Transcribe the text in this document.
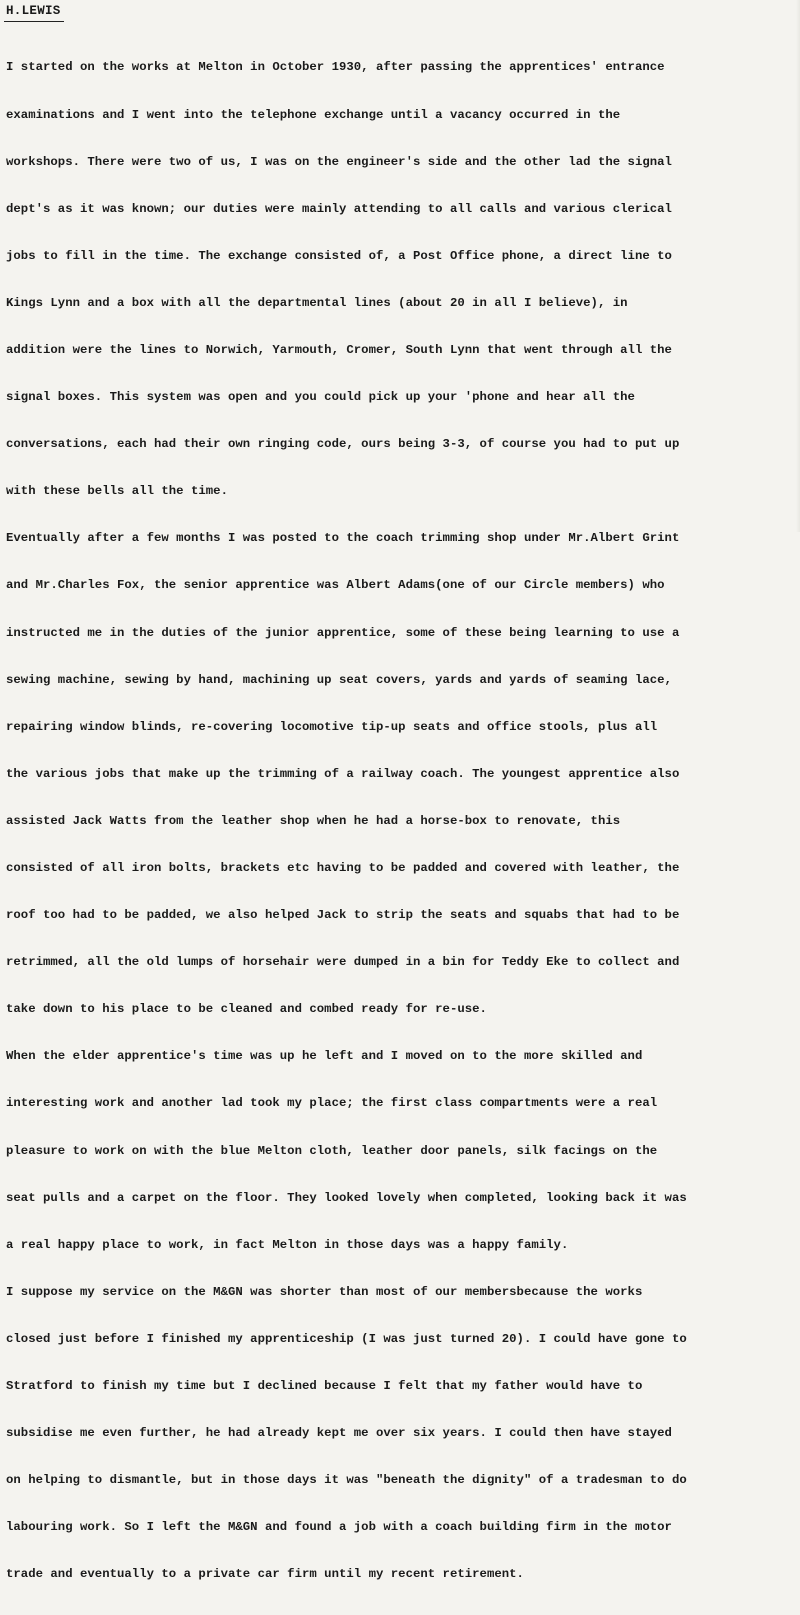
H.LEWIS

I started on the works at Melton in October 1930, after passing the apprentices' entrance

examinations and I went into the telephone exchange until a vacancy occurred in the

workshops. There were two of us, I was on the engineer's side and the other lad the signal

dept's as it was known; our duties were mainly attending to all calls and various clerical

jobs to fill in the time. The exchange consisted of, a Post Office phone, a direct line to

Kings Lynn and a box with all the departmental lines (about 20 in all I believe), in

addition were the lines to Norwich, Yarmouth, Cromer, South Lynn that went through all the

signal boxes. This system was open and you could pick up your 'phone and hear all the

conversations, each had their own ringing code, ours being 3-3, of course you had to put up

with these bells all the time.

Eventually after a few months I was posted to the coach trimming shop under Mr.Albert Grint

and Mr.Charles Fox, the senior apprentice was Albert Adams(one of our Circle members) who

instructed me in the duties of the junior apprentice, some of these being learning to use a

sewing machine, sewing by hand, machining up seat covers, yards and yards of seaming lace,

repairing window blinds, re-covering locomotive tip-up seats and office stools, plus all

the various jobs that make up the trimming of a railway coach. The youngest apprentice also

assisted Jack Watts from the leather shop when he had a horse-box to renovate, this

consisted of all iron bolts, brackets etc having to be padded and covered with leather, the

roof too had to be padded, we also helped Jack to strip the seats and squabs that had to be

retrimmed, all the old lumps of horsehair were dumped in a bin for Teddy Eke to collect and

take down to his place to be cleaned and combed ready for re-use.

When the elder apprentice's time was up he left and I moved on to the more skilled and

interesting work and another lad took my place; the first class compartments were a real

pleasure to work on with the blue Melton cloth, leather door panels, silk facings on the

seat pulls and a carpet on the floor. They looked lovely when completed, looking back it was

a real happy place to work, in fact Melton in those days was a happy family.

I suppose my service on the M&GN was shorter than most of our membersbecause the works

closed just before I finished my apprenticeship (I was just turned 20). I could have gone to

Stratford to finish my time but I declined because I felt that my father would have to

subsidise me even further, he had already kept me over six years. I could then have stayed

on helping to dismantle, but in those days it was "beneath the dignity" of a tradesman to do

labouring work. So I left the M&GN and found a job with a coach building firm in the motor

trade and eventually to a private car firm until my recent retirement.
